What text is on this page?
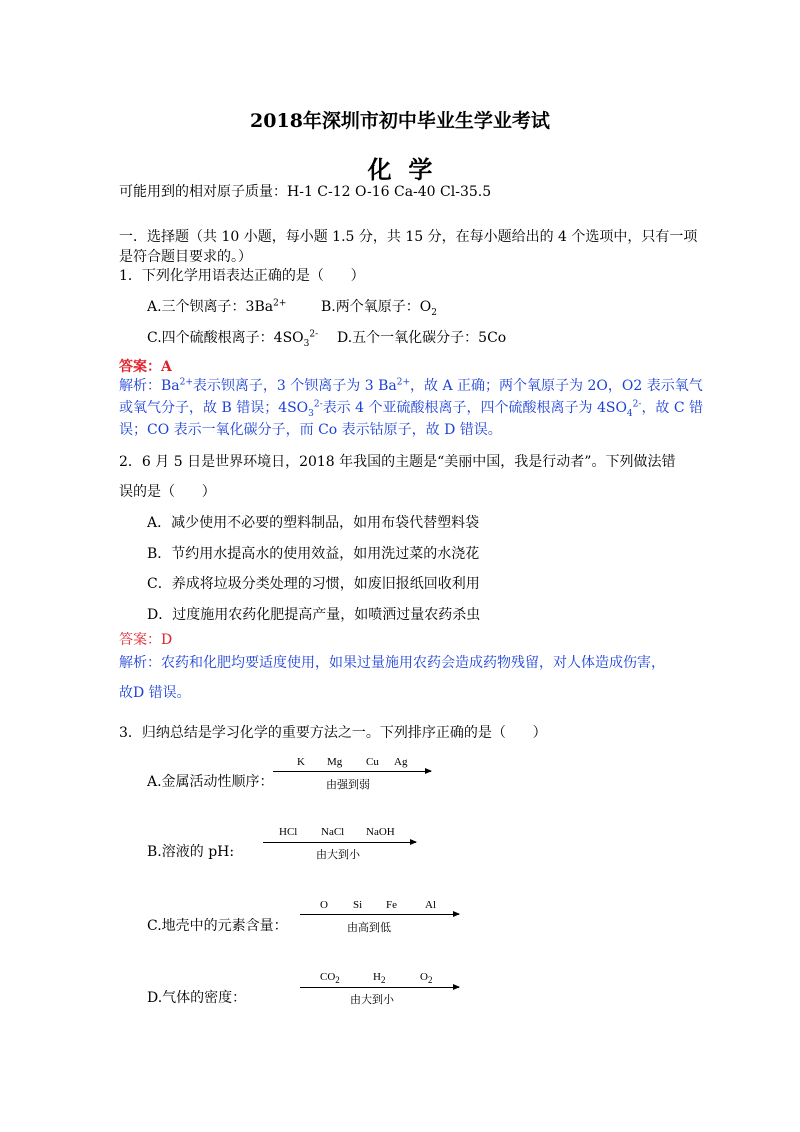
2018年深圳市初中毕业生学业考试
化  学
可能用到的相对原子质量：H-1 C-12 O-16 Ca-40 Cl-35.5
一．选择题（共 10 小题，每小题 1.5 分，共 15 分，在每小题给出的 4 个选项中，只有一项
是符合题目要求的。）
1．下列化学用语表达正确的是（      ）
A.三个钡离子：$3Ba^{2+}$ B.两个氧原子：$O_2$
C.四个硫酸根离子：$4SO_3^{2-}$ D.五个一氧化碳分子：5Co
答案：A
解析：$Ba^{2+}$表示钡离子，3 个钡离子为 3 $Ba^{2+}$，故 A 正确；两个氧原子为 2O，O2 表示氧气
或氧气分子，故 B 错误；$4SO_3^{2-}$表示 4 个亚硫酸根离子，四个硫酸根离子为 $4SO_4^{2-}$，故 C 错
误；CO 表示一氧化碳分子，而 Co 表示钴原子，故 D 错误。
2．6 月 5 日是世界环境日，2018 年我国的主题是“美丽中国，我是行动者”。下列做法错
误的是（      ）
A．减少使用不必要的塑料制品，如用布袋代替塑料袋
B．节约用水提高水的使用效益，如用洗过菜的水浇花
C．养成将垃圾分类处理的习惯，如废旧报纸回收利用
D．过度施用农药化肥提高产量，如喷洒过量农药杀虫
答案：D
解析：农药和化肥均要适度使用，如果过量施用农药会造成药物残留，对人体造成伤害，
故D 错误。
3．归纳总结是学习化学的重要方法之一。下列排序正确的是（      ）
A.金属活动性顺序：
K Mg Cu Ag
由强到弱
B.溶液的 pH:
HCl NaCl NaOH
由大到小
C.地壳中的元素含量：
O Si Fe	Al
由高到低
D.气体的密度：
$CO_2$	$H_2$	$O_2$
由大到小
